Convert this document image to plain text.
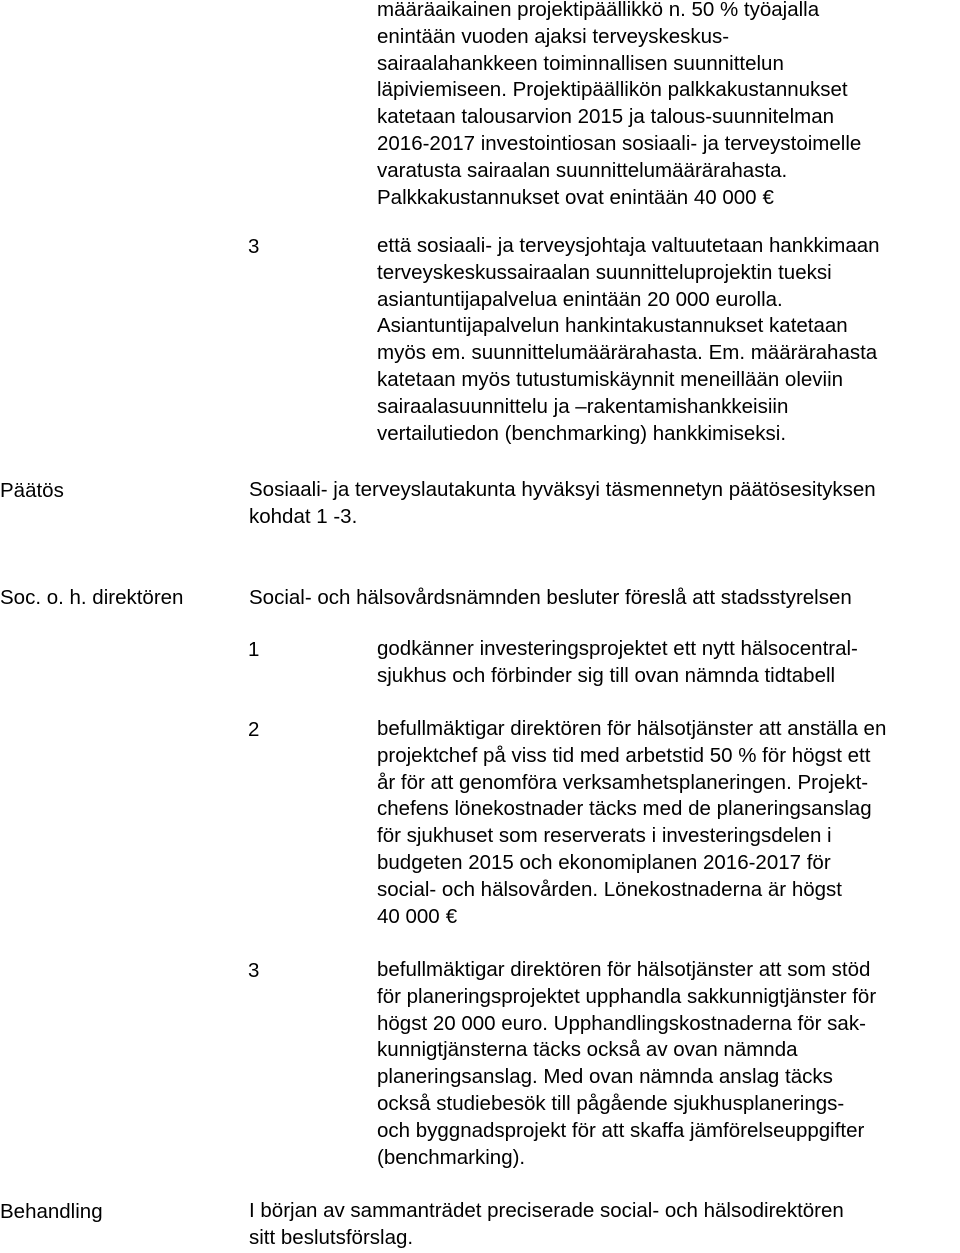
määräaikainen projektipäällikkö n. 50 % työajalla

enintään vuoden ajaksi terveyskeskus-

sairaalahankkeen toiminnallisen suunnittelun

läpiviemiseen. Projektipäällikön palkkakustannukset

katetaan talousarvion 2015 ja talous-suunnitelman

2016-2017 investointiosan sosiaali- ja terveystoimelle

varatusta sairaalan suunnittelumäärärahasta.

Palkkakustannukset ovat enintään 40 000 €

3	että sosiaali- ja terveysjohtaja valtuutetaan hankkimaan

terveyskeskussairaalan suunnitteluprojektin tueksi

asiantuntijapalvelua enintään 20 000 eurolla.

Asiantuntijapalvelun hankintakustannukset katetaan

myös em. suunnittelumäärärahasta. Em. määrärahasta

katetaan myös tutustumiskäynnit meneillään oleviin

sairaalasuunnittelu ja –rakentamishankkeisiin

vertailutiedon (benchmarking) hankkimiseksi.

Päätös	Sosiaali- ja terveyslautakunta hyväksyi täsmennetyn päätösesityksen

kohdat 1 -3.

Soc. o. h. direktören	Social- och hälsovårdsnämnden besluter föreslå att stadsstyrelsen
1	godkänner investeringsprojektet ett nytt hälsocentral-

sjukhus och förbinder sig till ovan nämnda tidtabell

2	befullmäktigar direktören för hälsotjänster att anställa en

projektchef på viss tid med arbetstid 50 % för högst ett

år för att genomföra verksamhetsplaneringen. Projekt-

chefens lönekostnader täcks med de planeringsanslag

för sjukhuset som reserverats i investeringsdelen i

budgeten 2015 och ekonomiplanen 2016-2017 för

social- och hälsovården. Lönekostnaderna är högst

40 000 €

3	befullmäktigar direktören för hälsotjänster att som stöd

för planeringsprojektet upphandla sakkunnigtjänster för

högst 20 000 euro. Upphandlingskostnaderna för sak-

kunnigtjänsterna täcks också av ovan nämnda

planeringsanslag. Med ovan nämnda anslag täcks

också studiebesök till pågående sjukhusplanerings-

och byggnadsprojekt för att skaffa jämförelseuppgifter

(benchmarking).

Behandling	I början av sammanträdet preciserade social- och hälsodirektören

sitt beslutsförslag.
